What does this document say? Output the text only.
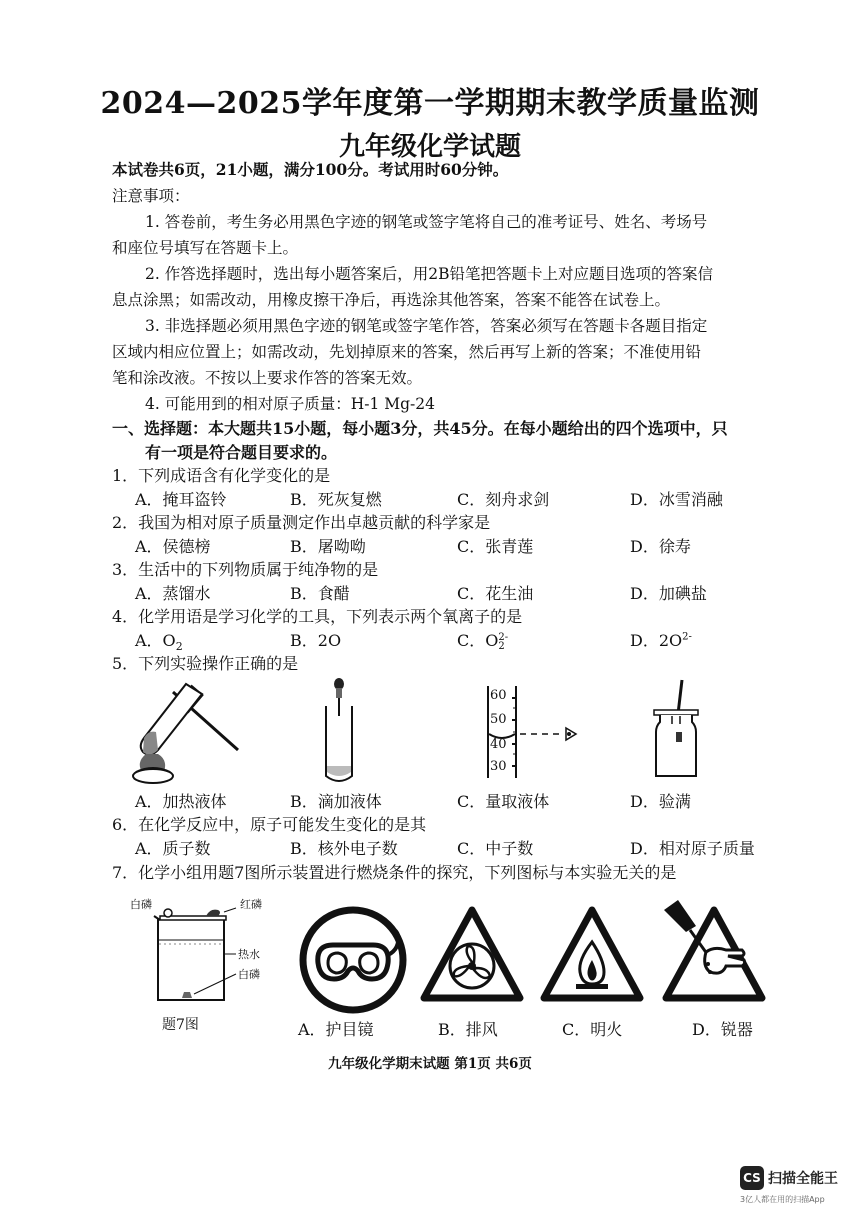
2024—2025学年度第一学期期末教学质量监测
九年级化学试题
本试卷共6页，21小题，满分100分。考试用时60分钟。
注意事项：
1. 答卷前，考生务必用黑色字迹的钢笔或签字笔将自己的准考证号、姓名、考场号
和座位号填写在答题卡上。
2. 作答选择题时，选出每小题答案后，用2B铅笔把答题卡上对应题目选项的答案信
息点涂黑；如需改动，用橡皮擦干净后，再选涂其他答案，答案不能答在试卷上。
3. 非选择题必须用黑色字迹的钢笔或签字笔作答，答案必须写在答题卡各题目指定
区域内相应位置上；如需改动，先划掉原来的答案，然后再写上新的答案；不准使用铅
笔和涂改液。不按以上要求作答的答案无效。
4. 可能用到的相对原子质量：H-1 Mg-24
一、选择题：本大题共15小题，每小题3分，共45分。在每小题给出的四个选项中，只
有一项是符合题目要求的。
1．下列成语含有化学变化的是
A．掩耳盗铃	B．死灰复燃	C．刻舟求剑	D．冰雪消融
2．我国为相对原子质量测定作出卓越贡献的科学家是
A．侯德榜	B．屠呦呦	C．张青莲	D．徐寿
3．生活中的下列物质属于纯净物的是
A．蒸馏水	B．食醋	C．花生油	D．加碘盐
4．化学用语是学习化学的工具，下列表示两个氧离子的是
A．$O_2$	B．2O	C．O 2-
2	D．$2O^{2-}$
5．下列实验操作正确的是
60
50
40
30
A．加热液体	B．滴加液体	C．量取液体	D．验满
6．在化学反应中，原子可能发生变化的是其
A．质子数	B．核外电子数	C．中子数	D．相对原子质量
7．化学小组用题7图所示装置进行燃烧条件的探究，下列图标与本实验无关的是
白磷	红磷
热水
白磷
题7图	A．护目镜	B．排风	C．明火	D．锐器
九年级化学期末试题 第1页 共6页
CS 扫描全能王
3亿人都在用的扫描App
